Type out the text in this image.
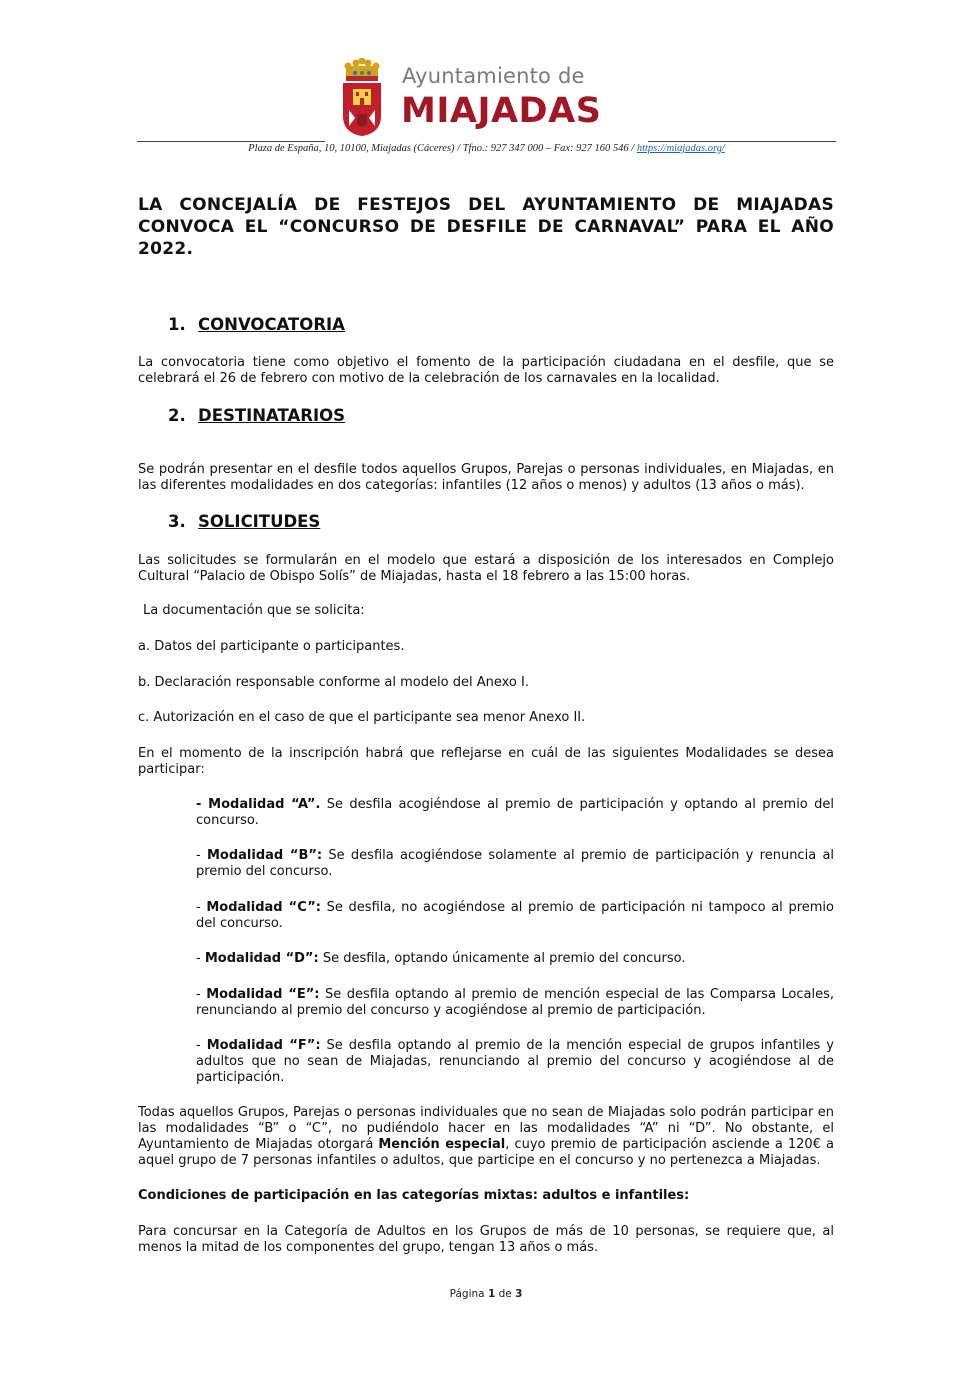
Ayuntamiento de
MIAJADAS
Plaza de España, 10, 10100, Miajadas (Cáceres) / Tfno.: 927 347 000 – Fax: 927 160 546 / https://miajadas.org/
LA CONCEJALÍA DE FESTEJOS DEL AYUNTAMIENTO DE MIAJADAS CONVOCA EL “CONCURSO DE DESFILE DE CARNAVAL” PARA EL AÑO 2022.
1. CONVOCATORIA
La convocatoria tiene como objetivo el fomento de la participación ciudadana en el desfile, que se celebrará el 26 de febrero con motivo de la celebración de los carnavales en la localidad.
2. DESTINATARIOS
Se podrán presentar en el desfile todos aquellos Grupos, Parejas o personas individuales, en Miajadas, en las diferentes modalidades en dos categorías: infantiles (12 años o menos) y adultos (13 años o más).
3. SOLICITUDES
Las solicitudes se formularán en el modelo que estará a disposición de los interesados en Complejo Cultural “Palacio de Obispo Solís” de Miajadas, hasta el 18 febrero a las 15:00 horas.
La documentación que se solicita:
a. Datos del participante o participantes.
b. Declaración responsable conforme al modelo del Anexo I.
c. Autorización en el caso de que el participante sea menor Anexo II.
En el momento de la inscripción habrá que reflejarse en cuál de las siguientes Modalidades se desea participar:
- Modalidad “A”. Se desfila acogiéndose al premio de participación y optando al premio del concurso.
- Modalidad “B”: Se desfila acogiéndose solamente al premio de participación y renuncia al premio del concurso.
- Modalidad “C”: Se desfila, no acogiéndose al premio de participación ni tampoco al premio del concurso.
- Modalidad “D”: Se desfila, optando únicamente al premio del concurso.
- Modalidad “E”: Se desfila optando al premio de mención especial de las Comparsa Locales, renunciando al premio del concurso y acogiéndose al premio de participación.
- Modalidad “F”: Se desfila optando al premio de la mención especial de grupos infantiles y adultos que no sean de Miajadas, renunciando al premio del concurso y acogiéndose al de participación.
Todas aquellos Grupos, Parejas o personas individuales que no sean de Miajadas solo podrán participar en las modalidades “B” o “C”, no pudiéndolo hacer en las modalidades “A” ni “D”. No obstante, el Ayuntamiento de Miajadas otorgará Mención especial, cuyo premio de participación asciende a 120€ a aquel grupo de 7 personas infantiles o adultos, que participe en el concurso y no pertenezca a Miajadas.
Condiciones de participación en las categorías mixtas: adultos e infantiles:
Para concursar en la Categoría de Adultos en los Grupos de más de 10 personas, se requiere que, al menos la mitad de los componentes del grupo, tengan 13 años o más.
Página 1 de 3
